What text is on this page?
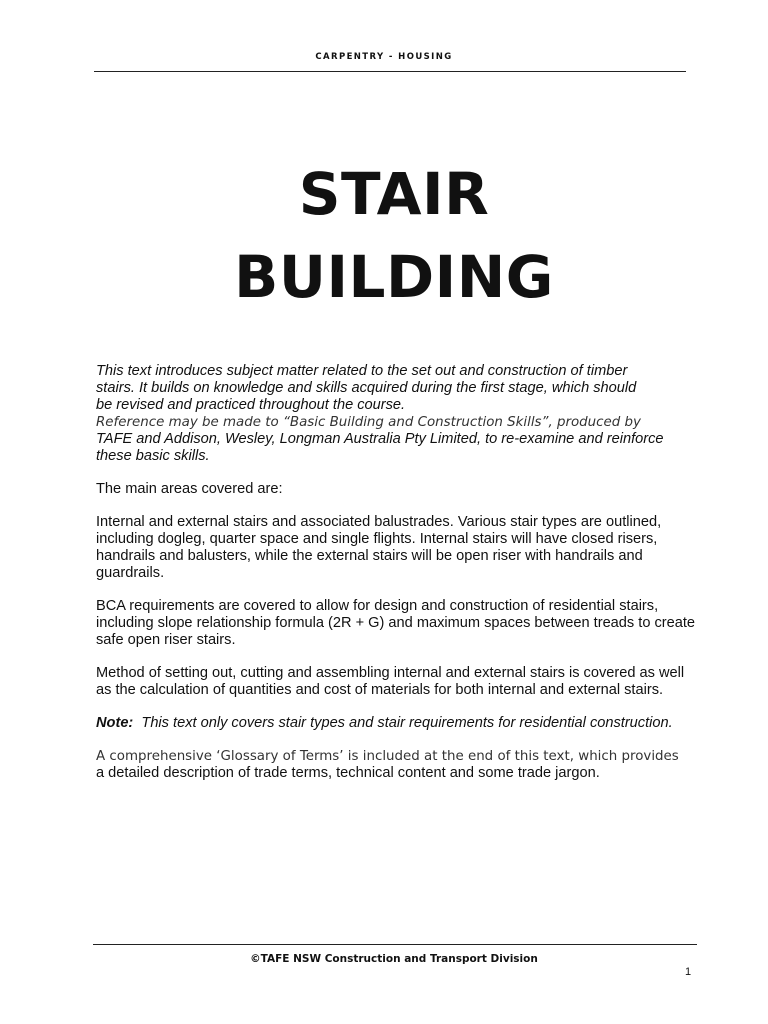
CARPENTRY - HOUSING
STAIR
BUILDING

This text introduces subject matter related to the set out and construction of timber
stairs. It builds on knowledge and skills acquired during the first stage, which should
be revised and practiced throughout the course.
Reference may be made to “Basic Building and Construction Skills”, produced by
TAFE and Addison, Wesley, Longman Australia Pty Limited, to re-examine and reinforce these basic skills.

The main areas covered are:

Internal and external stairs and associated balustrades. Various stair types are outlined, including dogleg, quarter space and single flights. Internal stairs will have closed risers, handrails and balusters, while the external stairs will be open riser with handrails and guardrails.

BCA requirements are covered to allow for design and construction of residential stairs, including slope relationship formula (2R + G) and maximum spaces between treads to create safe open riser stairs.

Method of setting out, cutting and assembling internal and external stairs is covered as well as the calculation of quantities and cost of materials for both internal and external stairs.

Note: This text only covers stair types and stair requirements for residential construction.

A comprehensive ‘Glossary of Terms’ is included at the end of this text, which provides
a detailed description of trade terms, technical content and some trade jargon.

©TAFE NSW Construction and Transport Division
1
